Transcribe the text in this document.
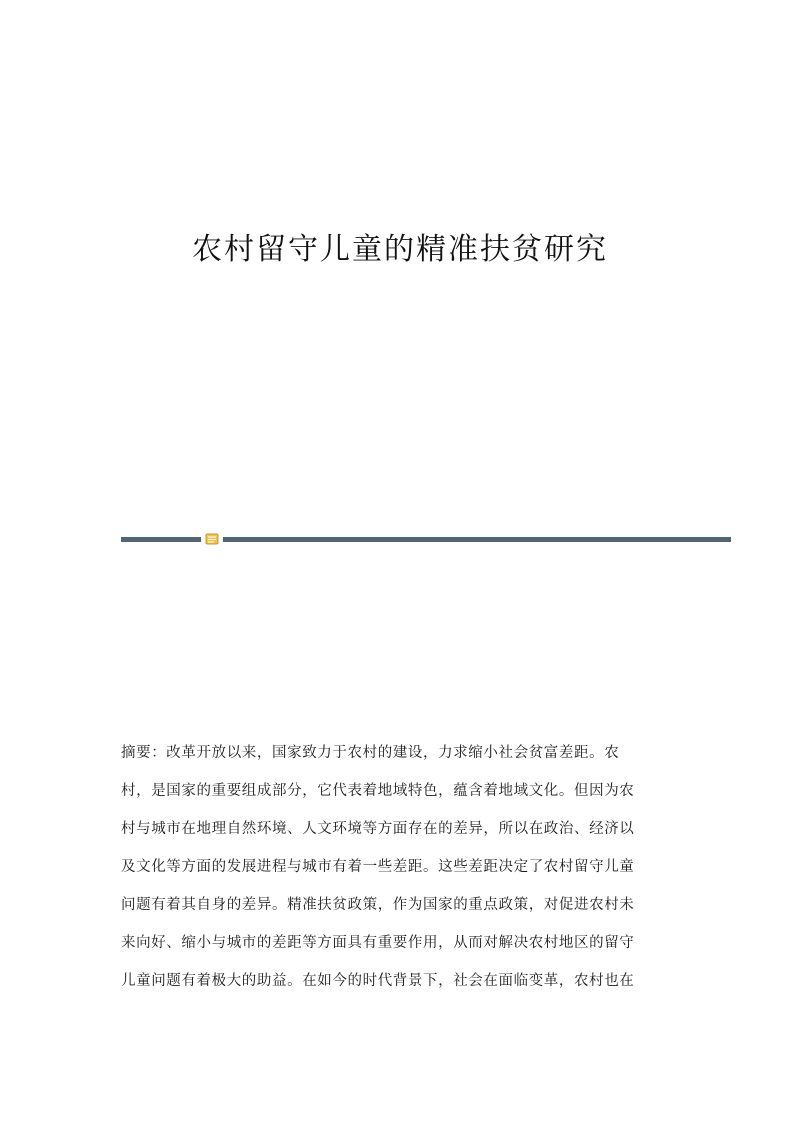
农村留守儿童的精准扶贫研究
摘要：改革开放以来，国家致力于农村的建设，力求缩小社会贫富差距。农
村，是国家的重要组成部分，它代表着地域特色，蕴含着地域文化。但因为农
村与城市在地理自然环境、人文环境等方面存在的差异，所以在政治、经济以
及文化等方面的发展进程与城市有着一些差距。这些差距决定了农村留守儿童
问题有着其自身的差异。精准扶贫政策，作为国家的重点政策，对促进农村未
来向好、缩小与城市的差距等方面具有重要作用，从而对解决农村地区的留守
儿童问题有着极大的助益。在如今的时代背景下，社会在面临变革，农村也在
